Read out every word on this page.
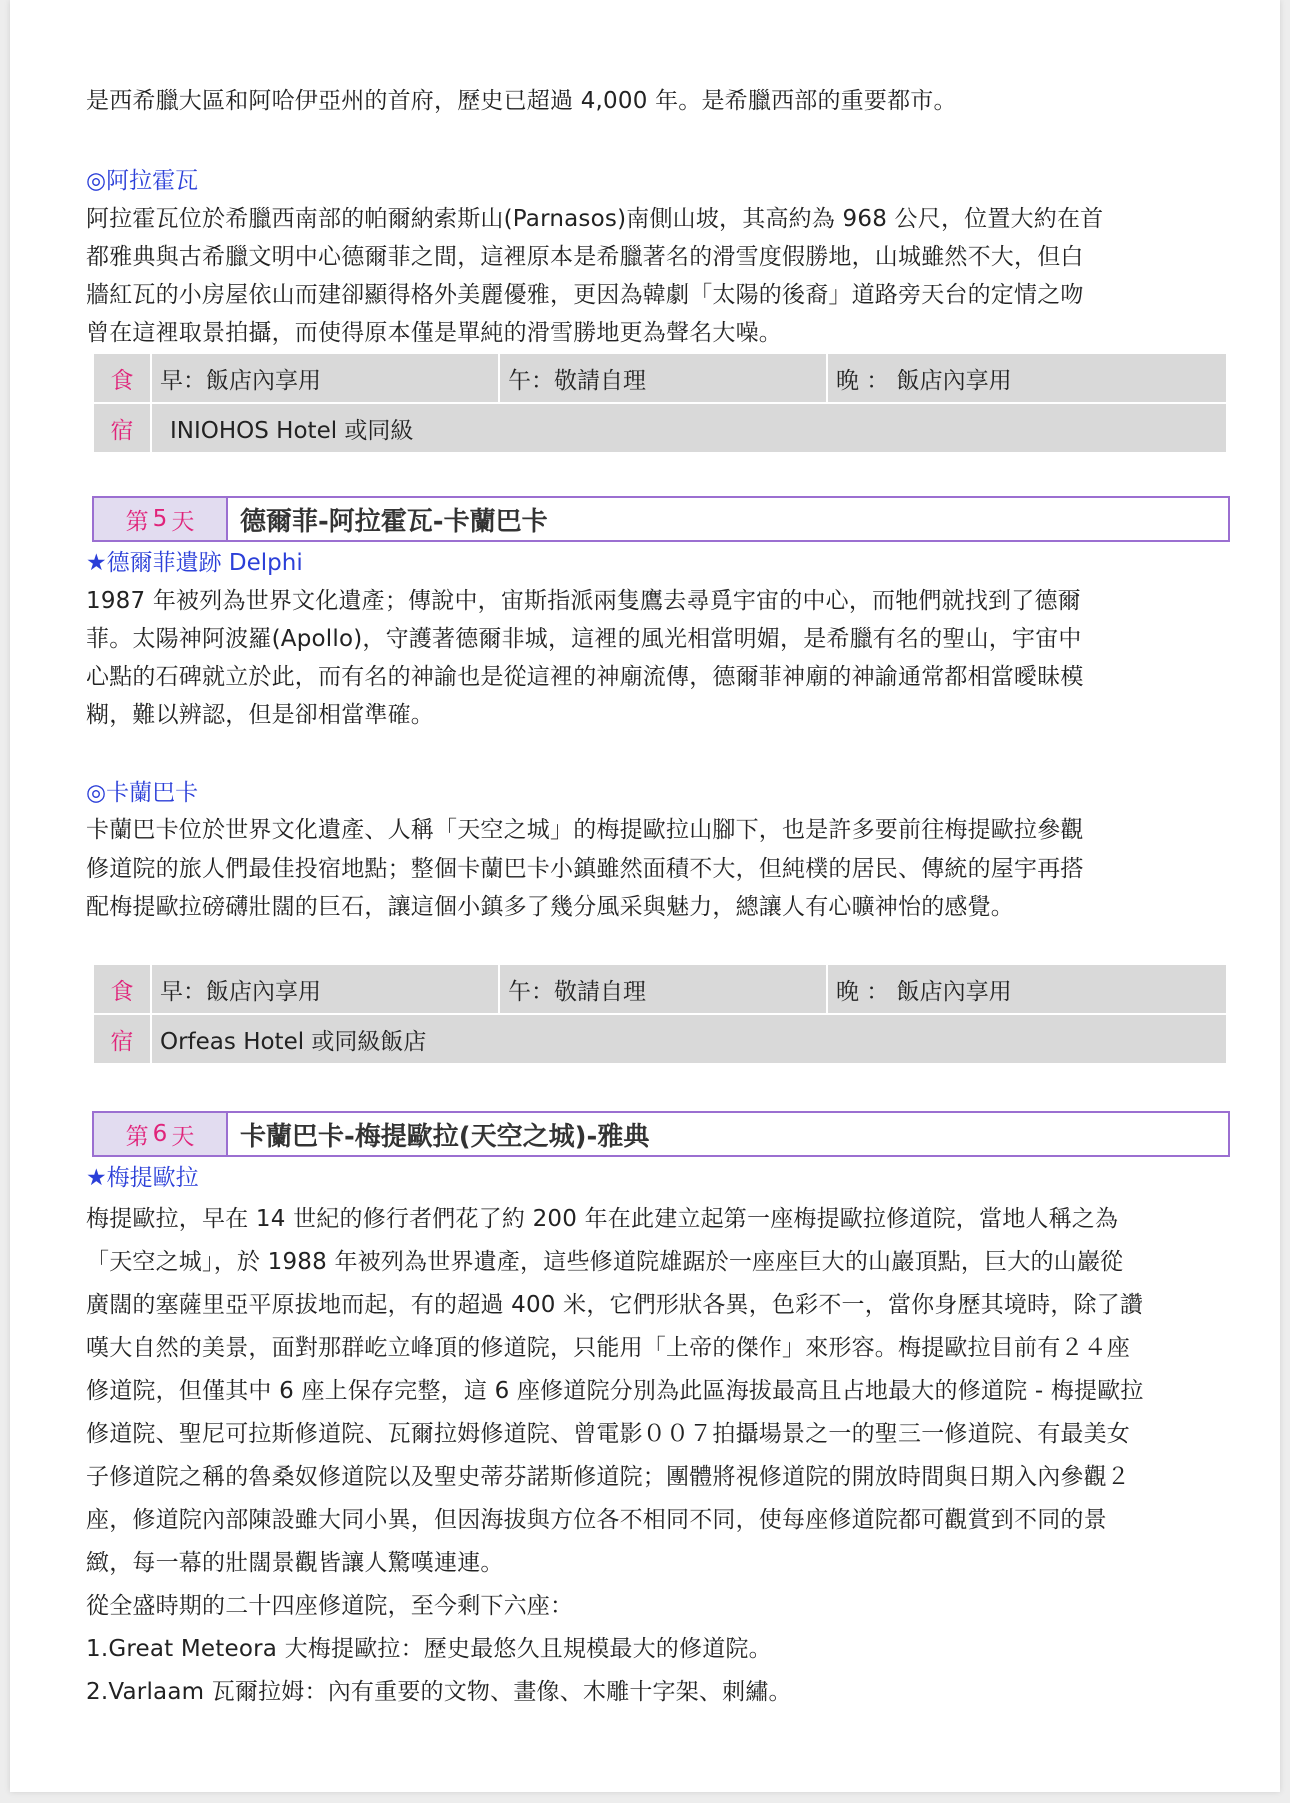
是西希臘大區和阿哈伊亞州的首府，歷史已超過 4,000 年。是希臘西部的重要都市。

◎阿拉霍瓦

阿拉霍瓦位於希臘西南部的帕爾納索斯山(Parnasos)南側山坡，其高約為 968 公尺，位置大約在首

都雅典與古希臘文明中心德爾菲之間，這裡原本是希臘著名的滑雪度假勝地，山城雖然不大，但白

牆紅瓦的小房屋依山而建卻顯得格外美麗優雅，更因為韓劇「太陽的後裔」道路旁天台的定情之吻

曾在這裡取景拍攝，而使得原本僅是單純的滑雪勝地更為聲名大噪。

食	早：飯店內享用	午：敬請自理	晚 ： 飯店內享用
宿	INIOHOS Hotel 或同級		
第 5 天	德爾菲-阿拉霍瓦-卡蘭巴卡
★德爾菲遺跡 Delphi

1987 年被列為世界文化遺產；傳說中，宙斯指派兩隻鷹去尋覓宇宙的中心，而牠們就找到了德爾

菲。太陽神阿波羅(Apollo)，守護著德爾非城，這裡的風光相當明媚，是希臘有名的聖山，宇宙中

心點的石碑就立於此，而有名的神諭也是從這裡的神廟流傳，德爾菲神廟的神諭通常都相當曖昧模

糊，難以辨認，但是卻相當準確。

◎卡蘭巴卡

卡蘭巴卡位於世界文化遺產、人稱「天空之城」的梅提歐拉山腳下，也是許多要前往梅提歐拉參觀

修道院的旅人們最佳投宿地點；整個卡蘭巴卡小鎮雖然面積不大，但純樸的居民、傳統的屋宇再搭

配梅提歐拉磅礴壯闊的巨石，讓這個小鎮多了幾分風采與魅力，總讓人有心曠神怡的感覺。

食	早：飯店內享用	午：敬請自理	晚 ： 飯店內享用
宿	Orfeas Hotel 或同級飯店		
第 6 天	卡蘭巴卡-梅提歐拉(天空之城)-雅典
★梅提歐拉

梅提歐拉，早在 14 世紀的修行者們花了約 200 年在此建立起第一座梅提歐拉修道院，當地人稱之為

「天空之城」，於 1988 年被列為世界遺產，這些修道院雄踞於一座座巨大的山巖頂點，巨大的山巖從

廣闊的塞薩里亞平原拔地而起，有的超過 400 米，它們形狀各異，色彩不一，當你身歷其境時，除了讚

嘆大自然的美景，面對那群屹立峰頂的修道院，只能用「上帝的傑作」來形容。梅提歐拉目前有２４座

修道院，但僅其中 6 座上保存完整，這 6 座修道院分別為此區海拔最高且占地最大的修道院 - 梅提歐拉

修道院、聖尼可拉斯修道院、瓦爾拉姆修道院、曾電影００７拍攝場景之一的聖三一修道院、有最美女

子修道院之稱的魯桑奴修道院以及聖史蒂芬諾斯修道院；團體將視修道院的開放時間與日期入內參觀２

座，修道院內部陳設雖大同小異，但因海拔與方位各不相同不同，使每座修道院都可觀賞到不同的景

緻，每一幕的壯闊景觀皆讓人驚嘆連連。

從全盛時期的二十四座修道院，至今剩下六座：

1.Great Meteora 大梅提歐拉：歷史最悠久且規模最大的修道院。

2.Varlaam 瓦爾拉姆：內有重要的文物、畫像、木雕十字架、刺繡。
